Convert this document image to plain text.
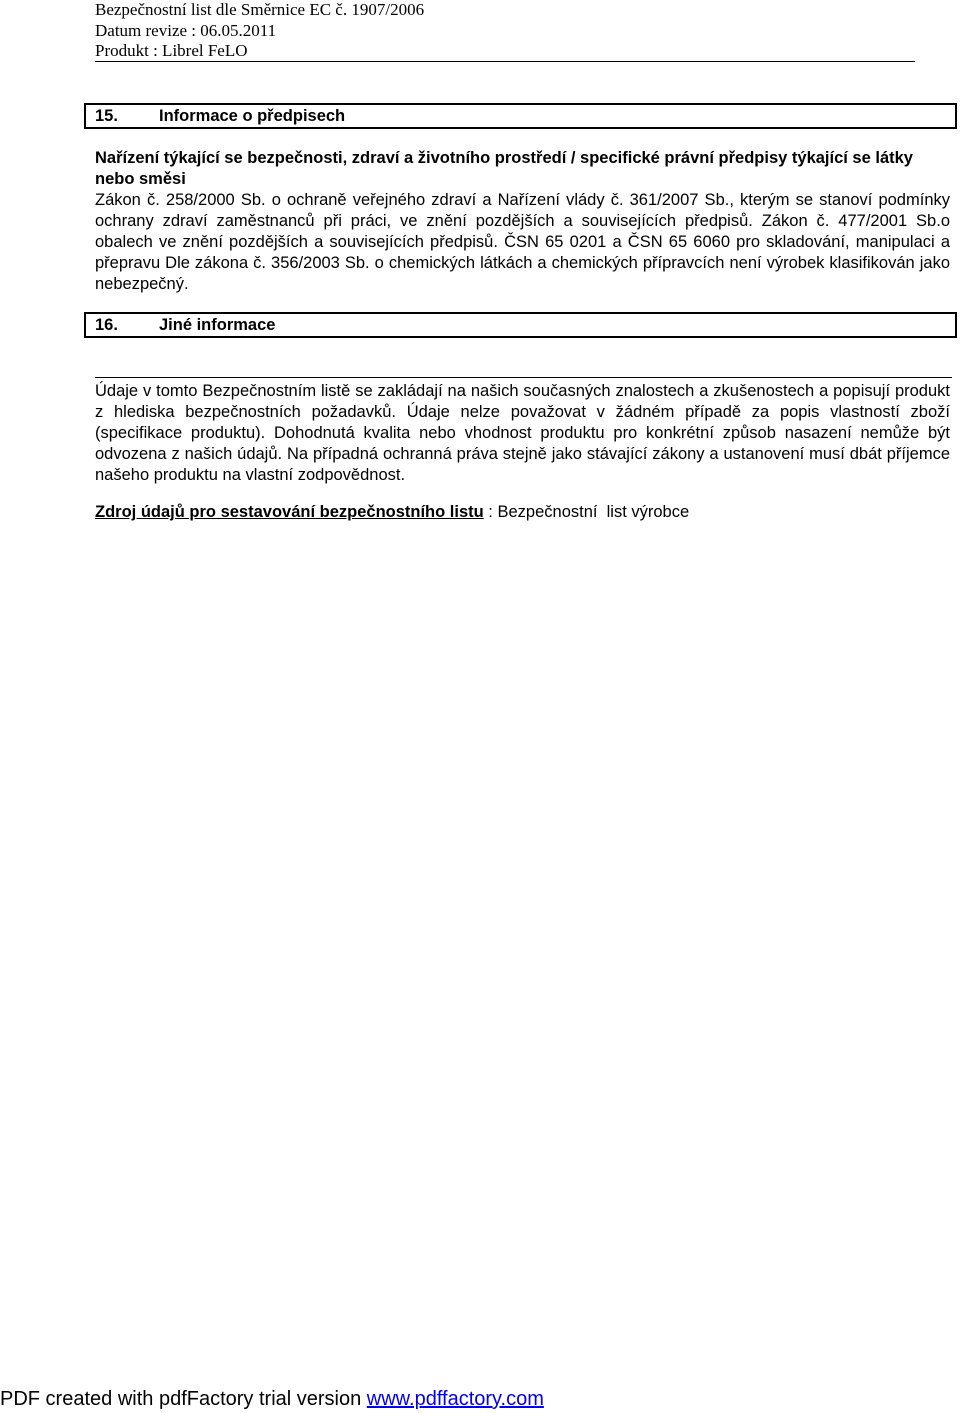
Bezpečnostní list dle Směrnice EC č. 1907/2006
Datum revize : 06.05.2011
Produkt : Librel FeLO
15. Informace o předpisech

Nařízení týkající se bezpečnosti, zdraví a životního prostředí / specifické právní předpisy týkající se látky nebo směsi

Zákon č. 258/2000 Sb. o ochraně veřejného zdraví a Nařízení vlády č. 361/2007 Sb., kterým se stanoví podmínky ochrany zdraví zaměstnanců při práci, ve znění pozdějších a souvisejících předpisů. Zákon č. 477/2001 Sb.o obalech ve znění pozdějších a souvisejících předpisů. ČSN 65 0201 a ČSN 65 6060 pro skladování, manipulaci a přepravu Dle zákona č. 356/2003 Sb. o chemických látkách a chemických přípravcích není výrobek klasifikován jako nebezpečný.

16. Jiné informace

Údaje v tomto Bezpečnostním listě se zakládají na našich současných znalostech a zkušenostech a popisují produkt z hlediska bezpečnostních požadavků. Údaje nelze považovat v žádném případě za popis vlastností zboží (specifikace produktu). Dohodnutá kvalita nebo vhodnost produktu pro konkrétní způsob nasazení nemůže být odvozena z našich údajů. Na případná ochranná práva stejně jako stávající zákony a ustanovení musí dbát příjemce našeho produktu na vlastní zodpovědnost.

Zdroj údajů pro sestavování bezpečnostního listu : Bezpečnostní  list výrobce
PDF created with pdfFactory trial version www.pdffactory.com
